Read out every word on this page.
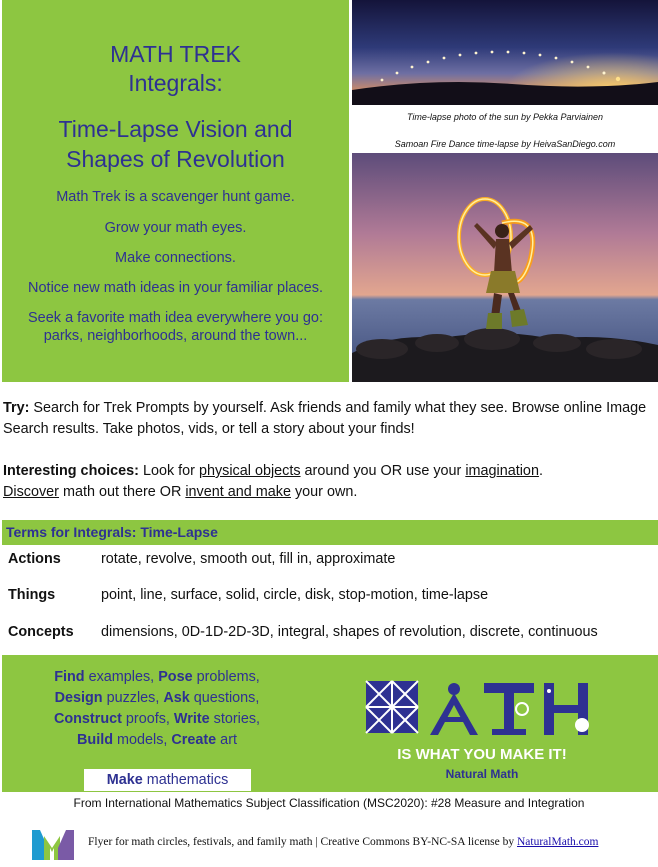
MATH TREK
Integrals:
Time-Lapse Vision and
Shapes of Revolution
Math Trek is a scavenger hunt game.
Grow your math eyes.
Make connections.
Notice new math ideas in your familiar places.
Seek a favorite math idea everywhere you go:
parks, neighborhoods, around the town...
Time-lapse photo of the sun by Pekka Parviainen
Samoan Fire Dance time-lapse by HeivaSanDiego.com
Try: Search for Trek Prompts by yourself. Ask friends and family what they see. Browse online Image Search results. Take photos, vids, or tell a story about your finds!
Interesting choices: Look for physical objects around you OR use your imagination.
Discover math out there OR invent and make your own.
Terms for Integrals: Time-Lapse
Actions	rotate, revolve, smooth out, fill in, approximate
Things	point, line, surface, solid, circle, disk, stop-motion, time-lapse
Concepts dimensions, 0D-1D-2D-3D, integral, shapes of revolution, discrete, continuous
Find examples, Pose problems,
Design puzzles, Ask questions,
Construct proofs, Write stories,
Build models, Create art
Make mathematics
IS WHAT YOU MAKE IT!
Natural Math
From International Mathematics Subject Classification (MSC2020): #28 Measure and Integration
Flyer for math circles, festivals, and family math | Creative Commons BY-NC-SA license by NaturalMath.com
